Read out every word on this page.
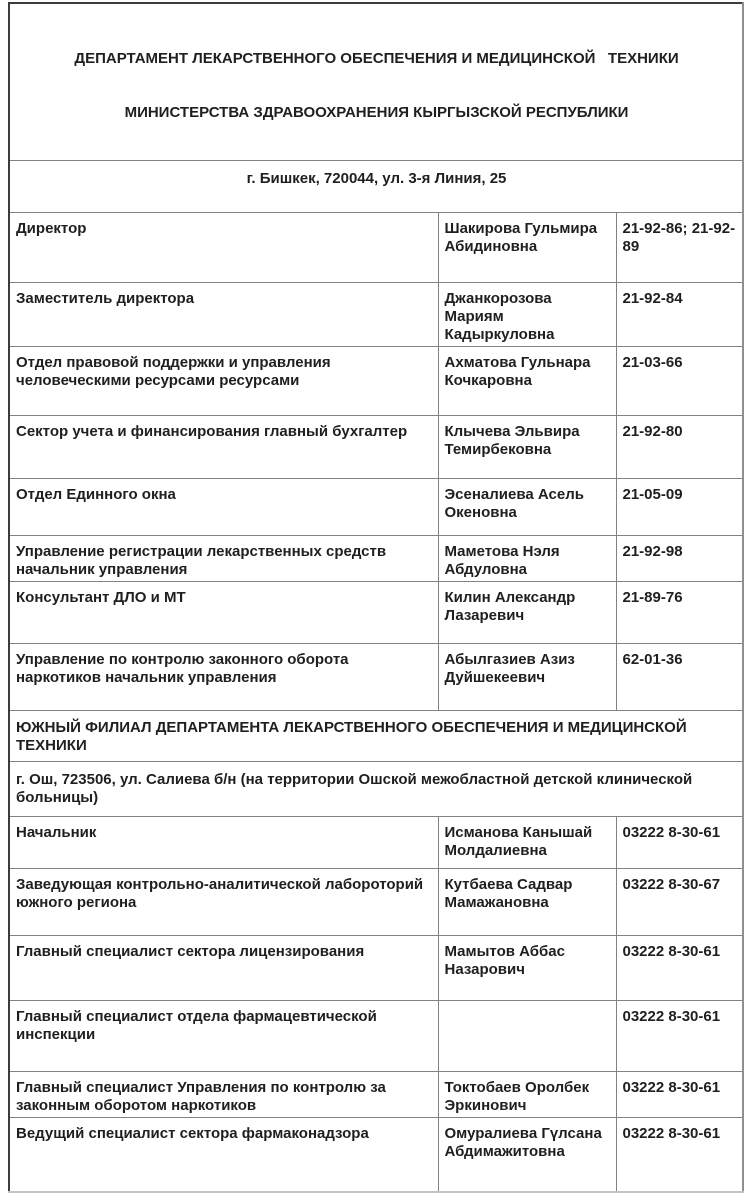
ДЕПАРТАМЕНТ ЛЕКАРСТВЕННОГО ОБЕСПЕЧЕНИЯ И МЕДИЦИНСКОЙ   ТЕХНИКИ

МИНИСТЕРСТВА ЗДРАВООХРАНЕНИЯ КЫРГЫЗСКОЙ РЕСПУБЛИКИ		

г. Бишкек, 720044, ул. 3-я Линия, 25		
Директор	Шакирова Гульмира Абидиновна	21-92-86; 21-92-89
Заместитель директора	Джанкорозова Мариям Кадыркуловна	21-92-84
Отдел правовой поддержки и управления человеческими ресурсами ресурсами	Ахматова Гульнара Кочкаровна	21-03-66
Сектор учета и финансирования главный бухгалтер	Клычева Эльвира Темирбековна	21-92-80
Отдел Единного окна	Эсеналиева Асель Океновна	21-05-09
Управление регистрации лекарственных средств начальник управления	Маметова Нэля Абдуловна	21-92-98
Консультант ДЛО и МТ	Килин Александр Лазаревич	21-89-76
Управление по контролю законного оборота наркотиков начальник управления	Абылгазиев Азиз Дуйшекеевич	62-01-36
ЮЖНЫЙ ФИЛИАЛ ДЕПАРТАМЕНТА ЛЕКАРСТВЕННОГО ОБЕСПЕЧЕНИЯ И МЕДИЦИНСКОЙ   ТЕХНИКИ		
г. Ош, 723506, ул. Салиева б/н (на территории Ошской межобластной детской клинической больницы)		
Начальник	Исманова Канышай Молдалиевна	03222 8-30-61
Заведующая контрольно-аналитической лабороторий южного региона	Кутбаева Садвар Мамажановна	03222 8-30-67
Главный специалист сектора лицензирования	Мамытов Аббас Назарович	03222 8-30-61
Главный специалист отдела фармацевтической инспекции		03222 8-30-61
Главный специалист Управления по контролю за законным оборотом наркотиков	Токтобаев Оролбек Эркинович	03222 8-30-61
Ведущий специалист сектора фармаконадзора	Омуралиева Гүлсана Абдимажитовна	03222 8-30-61
